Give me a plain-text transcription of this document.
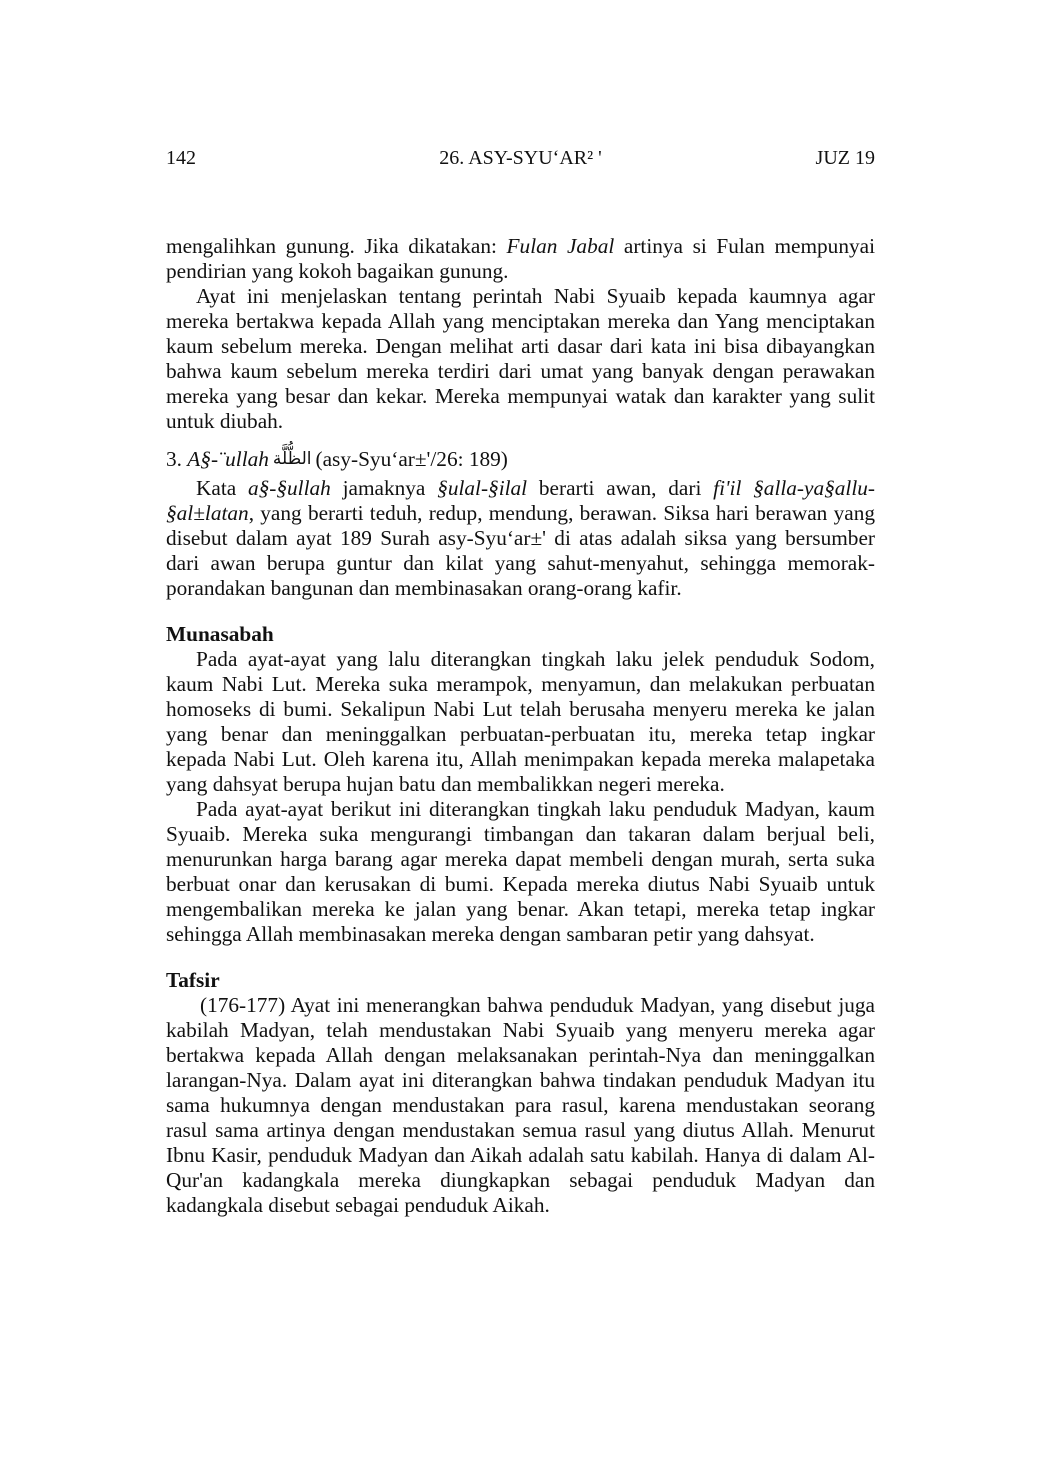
142	26. ASY-SYU‘AR² '	JUZ 19

mengalihkan gunung. Jika dikatakan: Fulan Jabal artinya si Fulan mempunyai pendirian yang kokoh bagaikan gunung.

Ayat ini menjelaskan tentang perintah Nabi Syuaib kepada kaumnya agar mereka bertakwa kepada Allah yang menciptakan mereka dan Yang menciptakan kaum sebelum mereka. Dengan melihat arti dasar dari kata ini bisa dibayangkan bahwa kaum sebelum mereka terdiri dari umat yang banyak dengan perawakan mereka yang besar dan kekar. Mereka mempunyai watak dan karakter yang sulit untuk diubah.

3. A§-¨ullah الظُّلَّة (asy-Syu‘ar±'/26: 189)

Kata a§-§ullah jamaknya §ulal-§ilal berarti awan, dari fi'il §alla-ya§allu-§al±latan, yang berarti teduh, redup, mendung, berawan. Siksa hari berawan yang disebut dalam ayat 189 Surah asy-Syu‘ar±' di atas adalah siksa yang bersumber dari awan berupa guntur dan kilat yang sahut-menyahut, sehingga memorak-porandakan bangunan dan membinasakan orang-orang kafir.

Munasabah

Pada ayat-ayat yang lalu diterangkan tingkah laku jelek penduduk Sodom, kaum Nabi Lut. Mereka suka merampok, menyamun, dan melakukan perbuatan homoseks di bumi. Sekalipun Nabi Lut telah berusaha menyeru mereka ke jalan yang benar dan meninggalkan perbuatan-perbuatan itu, mereka tetap ingkar kepada Nabi Lut. Oleh karena itu, Allah menimpakan kepada mereka malapetaka yang dahsyat berupa hujan batu dan membalikkan negeri mereka.

Pada ayat-ayat berikut ini diterangkan tingkah laku penduduk Madyan, kaum Syuaib. Mereka suka mengurangi timbangan dan takaran dalam berjual beli, menurunkan harga barang agar mereka dapat membeli dengan murah, serta suka berbuat onar dan kerusakan di bumi. Kepada mereka diutus Nabi Syuaib untuk mengembalikan mereka ke jalan yang benar. Akan tetapi, mereka tetap ingkar sehingga Allah membinasakan mereka dengan sambaran petir yang dahsyat.

Tafsir

(176-177) Ayat ini menerangkan bahwa penduduk Madyan, yang disebut juga kabilah Madyan, telah mendustakan Nabi Syuaib yang menyeru mereka agar bertakwa kepada Allah dengan melaksanakan perintah-Nya dan meninggalkan larangan-Nya. Dalam ayat ini diterangkan bahwa tindakan penduduk Madyan itu sama hukumnya dengan mendustakan para rasul, karena mendustakan seorang rasul sama artinya dengan mendustakan semua rasul yang diutus Allah. Menurut Ibnu Kasir, penduduk Madyan dan Aikah adalah satu kabilah. Hanya di dalam Al-Qur'an kadangkala mereka diungkapkan sebagai penduduk Madyan dan kadangkala disebut sebagai penduduk Aikah.
